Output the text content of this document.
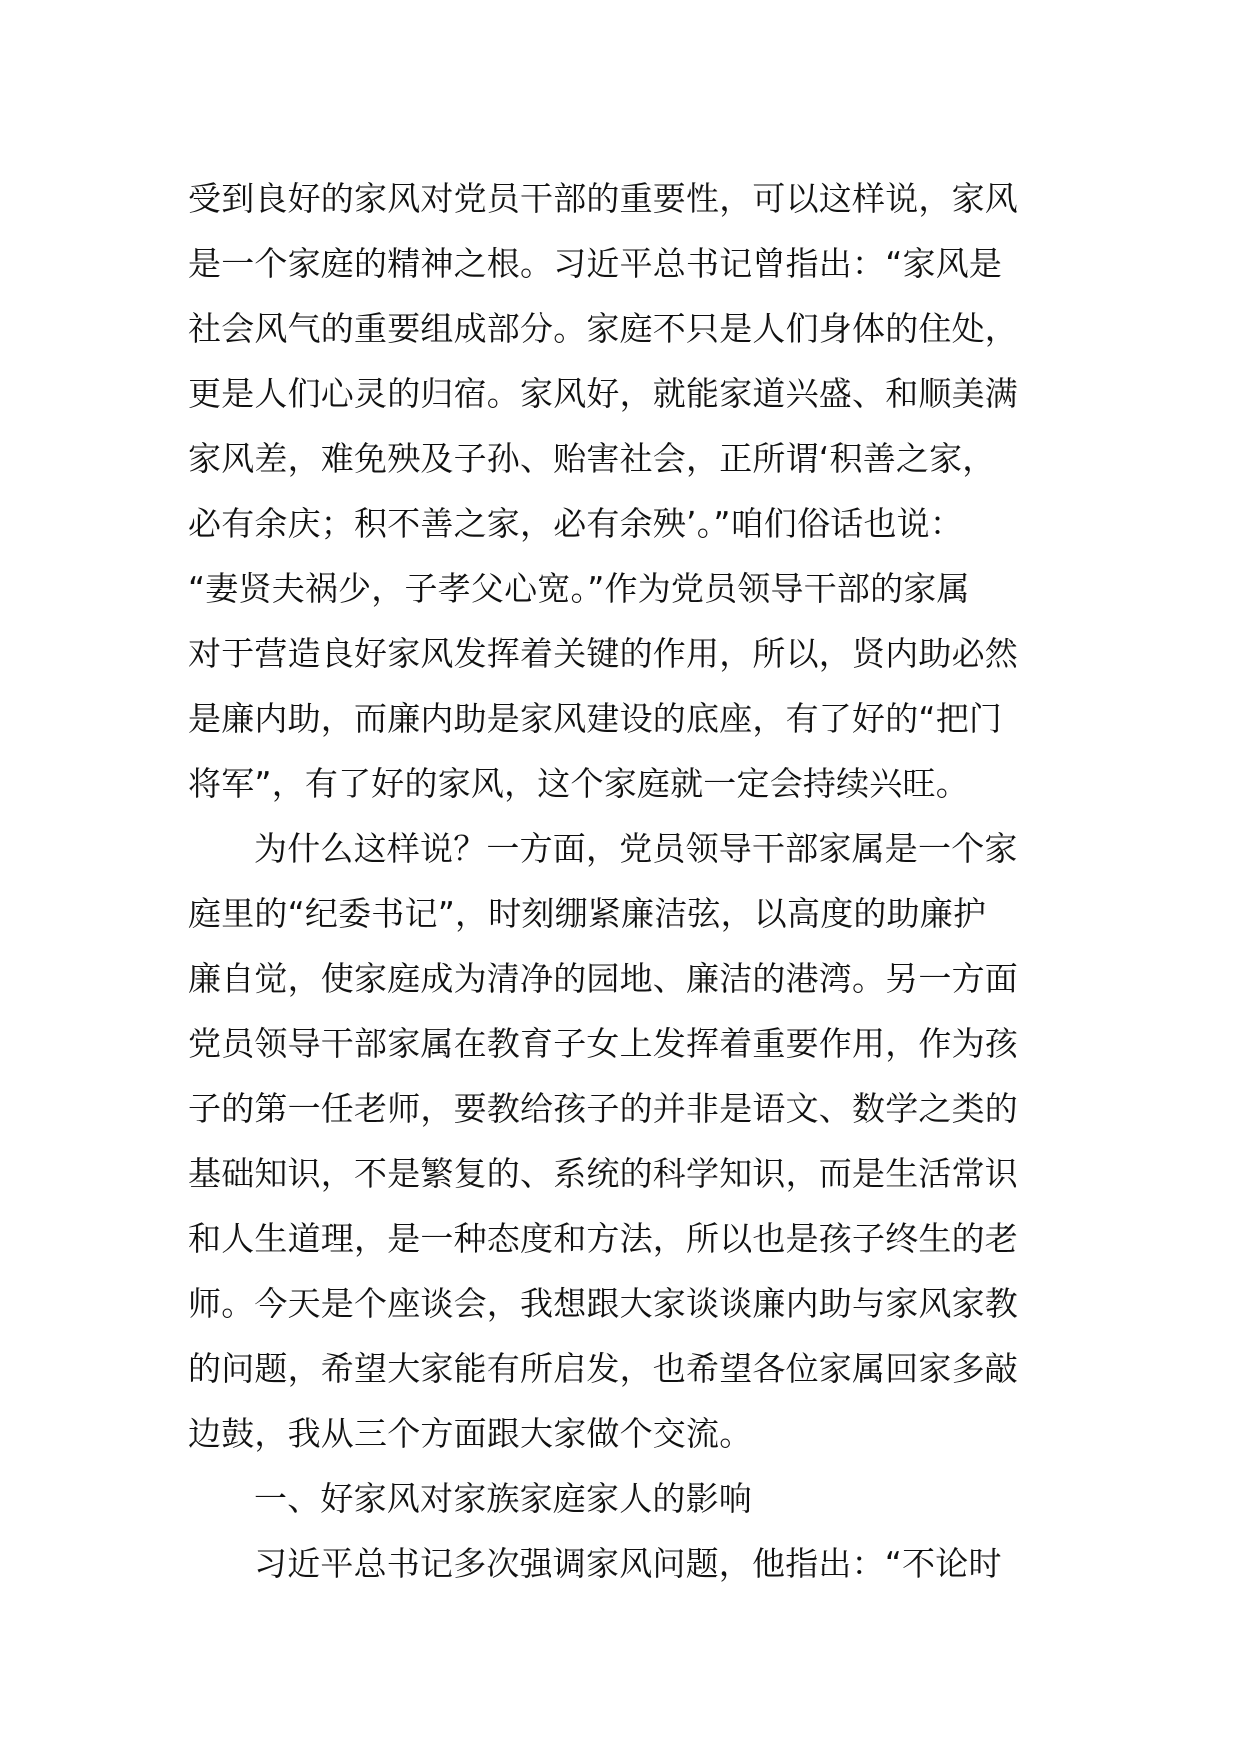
受到良好的家风对党员干部的重要性，可以这样说，家风
是一个家庭的精神之根。习近平总书记曾指出：“家风是
社会风气的重要组成部分。家庭不只是人们身体的住处，
更是人们心灵的归宿。家风好，就能家道兴盛、和顺美满
家风差，难免殃及子孙、贻害社会，正所谓‘积善之家，
必有余庆；积不善之家，必有余殃’。”咱们俗话也说：
“妻贤夫祸少，子孝父心宽。”作为党员领导干部的家属
对于营造良好家风发挥着关键的作用，所以，贤内助必然
是廉内助，而廉内助是家风建设的底座，有了好的“把门
将军”，有了好的家风，这个家庭就一定会持续兴旺。
为什么这样说？一方面，党员领导干部家属是一个家
庭里的“纪委书记”，时刻绷紧廉洁弦，以高度的助廉护
廉自觉，使家庭成为清净的园地、廉洁的港湾。另一方面
党员领导干部家属在教育子女上发挥着重要作用，作为孩
子的第一任老师，要教给孩子的并非是语文、数学之类的
基础知识，不是繁复的、系统的科学知识，而是生活常识
和人生道理，是一种态度和方法，所以也是孩子终生的老
师。今天是个座谈会，我想跟大家谈谈廉内助与家风家教
的问题，希望大家能有所启发，也希望各位家属回家多敲
边鼓，我从三个方面跟大家做个交流。
一、好家风对家族家庭家人的影响
习近平总书记多次强调家风问题，他指出：“不论时
